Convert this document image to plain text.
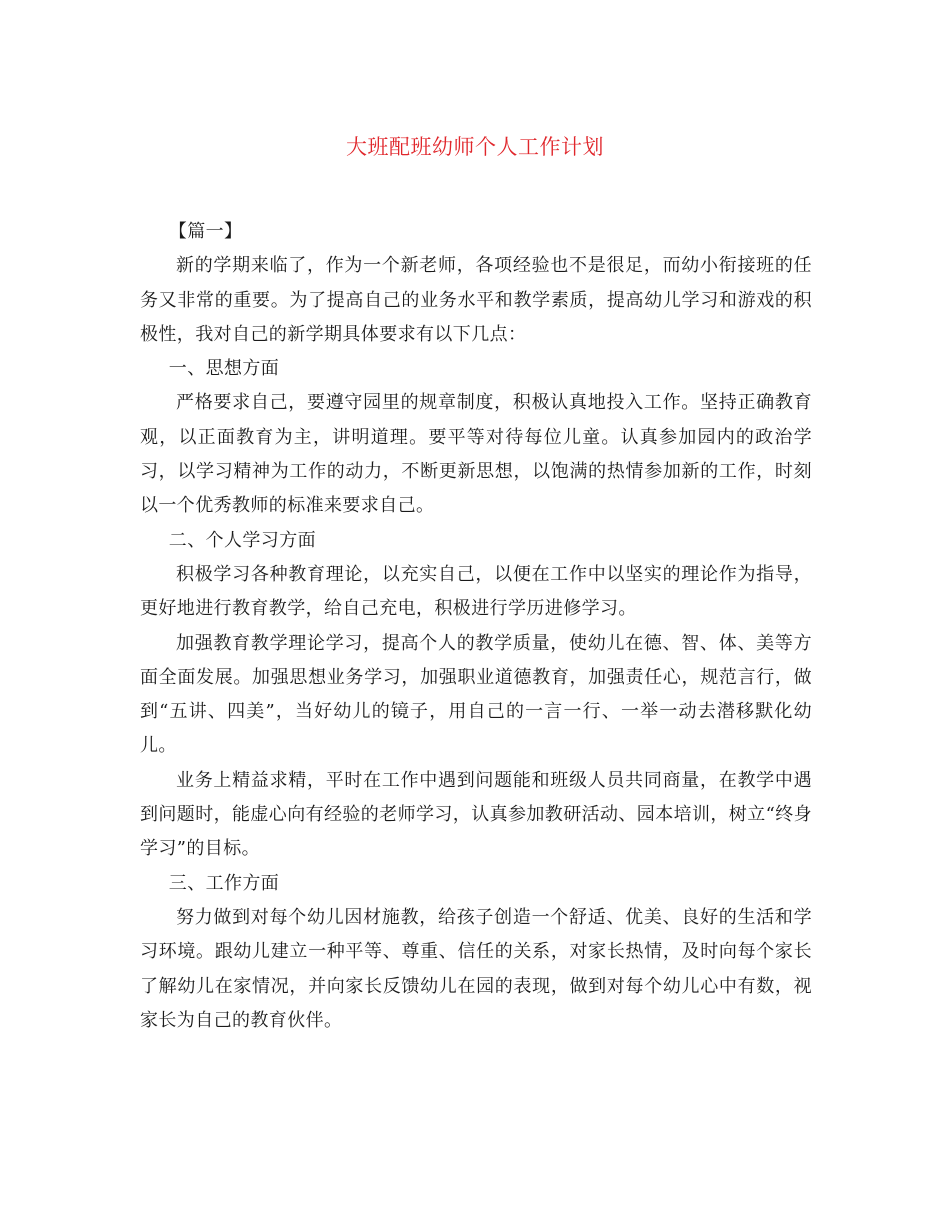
大班配班幼师个人工作计划

【篇一】

新的学期来临了，作为一个新老师，各项经验也不是很足，而幼小衔接班的任务又非常的重要。为了提高自己的业务水平和教学素质，提高幼儿学习和游戏的积极性，我对自己的新学期具体要求有以下几点：

一、思想方面

严格要求自己，要遵守园里的规章制度，积极认真地投入工作。坚持正确教育观，以正面教育为主，讲明道理。要平等对待每位儿童。认真参加园内的政治学习，以学习精神为工作的动力，不断更新思想，以饱满的热情参加新的工作，时刻以一个优秀教师的标准来要求自己。

二、个人学习方面

积极学习各种教育理论，以充实自己，以便在工作中以坚实的理论作为指导，更好地进行教育教学，给自己充电，积极进行学历进修学习。

加强教育教学理论学习，提高个人的教学质量，使幼儿在德、智、体、美等方面全面发展。加强思想业务学习，加强职业道德教育，加强责任心，规范言行，做到“五讲、四美”，当好幼儿的镜子，用自己的一言一行、一举一动去潜移默化幼儿。

业务上精益求精，平时在工作中遇到问题能和班级人员共同商量，在教学中遇到问题时，能虚心向有经验的老师学习，认真参加教研活动、园本培训，树立“终身学习”的目标。

三、工作方面

努力做到对每个幼儿因材施教，给孩子创造一个舒适、优美、良好的生活和学习环境。跟幼儿建立一种平等、尊重、信任的关系，对家长热情，及时向每个家长了解幼儿在家情况，并向家长反馈幼儿在园的表现，做到对每个幼儿心中有数，视家长为自己的教育伙伴。
